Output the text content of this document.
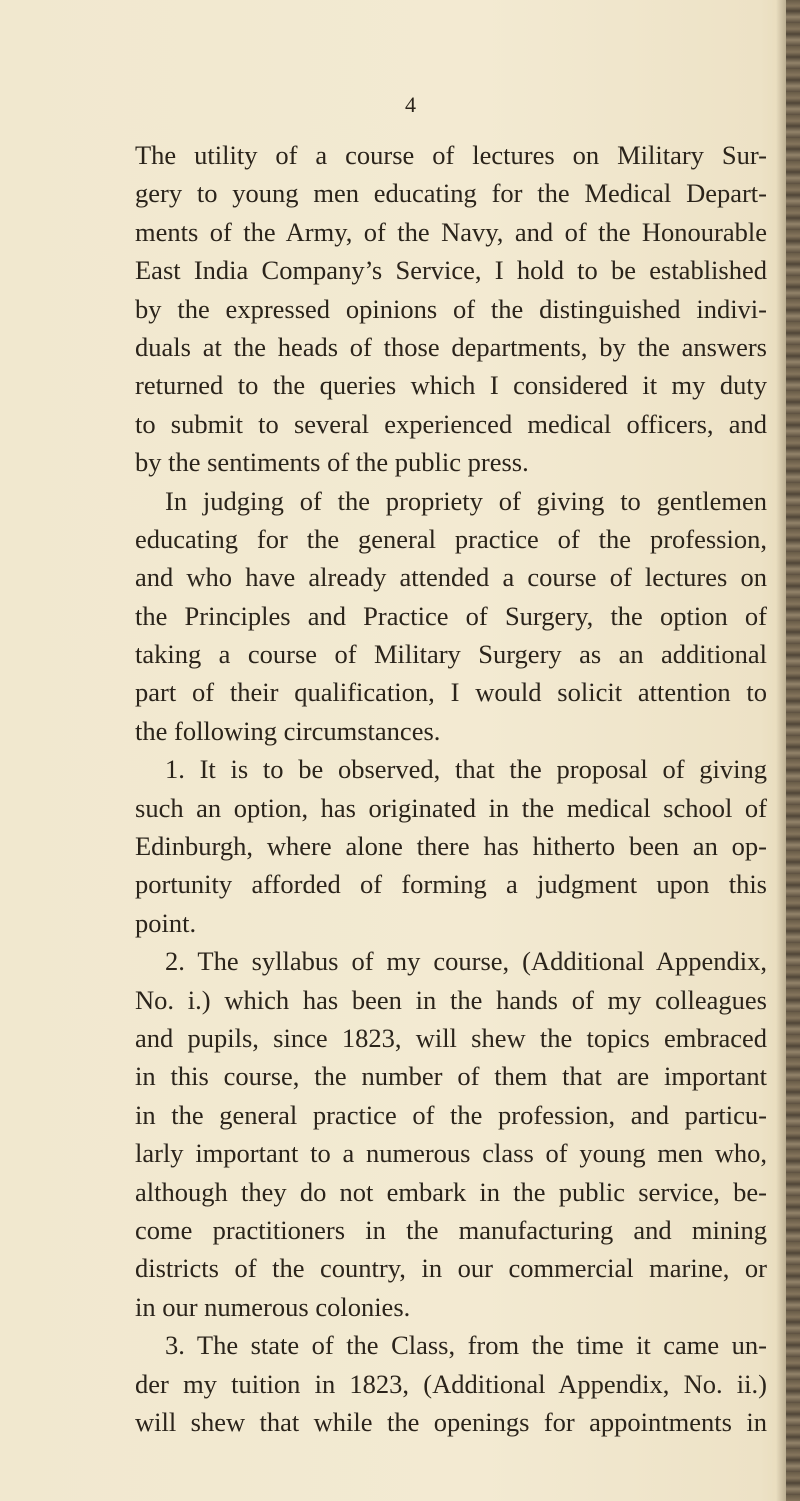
4
The utility of a course of lectures on Military Sur-
gery to young men educating for the Medical Depart-
ments of the Army, of the Navy, and of the Honourable
East India Company’s Service, I hold to be established
by the expressed opinions of the distinguished indivi-
duals at the heads of those departments, by the answers
returned to the queries which I considered it my duty
to submit to several experienced medical officers, and
by the sentiments of the public press.
In judging of the propriety of giving to gentlemen
educating for the general practice of the profession,
and who have already attended a course of lectures on
the Principles and Practice of Surgery, the option of
taking a course of Military Surgery as an additional
part of their qualification, I would solicit attention to
the following circumstances.
1. It is to be observed, that the proposal of giving
such an option, has originated in the medical school of
Edinburgh, where alone there has hitherto been an op-
portunity afforded of forming a judgment upon this
point.
2. The syllabus of my course, (Additional Appendix,
No. i.) which has been in the hands of my colleagues
and pupils, since 1823, will shew the topics embraced
in this course, the number of them that are important
in the general practice of the profession, and particu-
larly important to a numerous class of young men who,
although they do not embark in the public service, be-
come practitioners in the manufacturing and mining
districts of the country, in our commercial marine, or
in our numerous colonies.
3. The state of the Class, from the time it came un-
der my tuition in 1823, (Additional Appendix, No. ii.)
will shew that while the openings for appointments in
